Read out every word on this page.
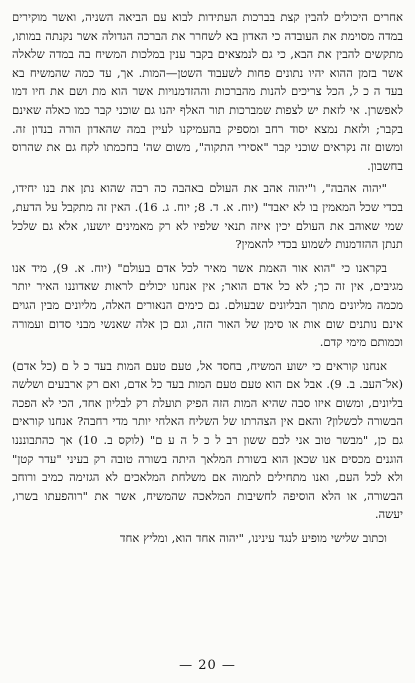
אחרים היכולים להבין קצת בברכות העתידות לבוא עם הביאה השניה, ואשר מוקירים במדה מסוימת את העובדה כי האדון בא לשחרר את הברכה הגדולה אשר נקנתה במותו, מתקשים להבין את הבא, כי גם לנמצאים בקבר ענין במלכות המשיח בה במדה שלאלה אשר בזמן ההוא יהיו נתונים פחות לשעבוד השטן—המות. אך, עד כמה שהמשיח בא בעד ה כ ל, הכל צריכים להנות מהברכות וההזדמנויות אשר הוא מת ושם את חיו דמו לאפשרן. אי לזאת יש לצפות שמברכות תור האלף יהנו גם שוכני קבר כמו כאלה שאינם בקבר; ולזאת נמצא יסוד רחב ומספיק בהעמיקנו לעיין במה שהאדון הורה בנדון זה. ומשום זה נקראים שוכני קבר "אסירי התקוה", משום שה' בחכמתו לקח גם את שהרוס בחשבון.

"יהוה אהבה", ו"יהוה אהב את העולם באהבה כה רבה שהוא נתן את בנו יחידו, בכדי שכל המאמין בו לא יאבד" (יוח. א. ד. 8; יוח. ג. 16). האין זה מתקבל על הדעת, שמי שאוהב את העולם יכין איזה תנאי שלפיו לא רק מאמינים יושעו, אלא גם שלכל תנתן ההזדמנות לשמוע בכדי להאמין?

בקראנו כי "הוא אור האמת אשר מאיר לכל אדם בעולם" (יוח. א. 9), מיד אנו מגיבים, אין זה כך; לא כל אדם הואר; אין אנחנו יכולים לראות שאדוננו האיר יותר מכמה מליונים מתוך הבליונים שבעולם. גם כימים הנאורים האלה, מליונים מבין הגוים אינם נותנים שום אות או סימן של האור הזה, וגם כן אלה שאנשי מבני סדום ועמורה וכמותם מימי קדם.

אנחנו קוראים כי ישוע המשיח, בחסד אל, טעם טעם המות בעד כ ל ם (כל אדם) (אל־העב. ב. 9). אבל אם הוא טעם טעם המות בעד כל אדם, ואם רק ארבעים ושלשה בליונים, ומשום איזו סבה שהיא המות הזה הפיק תועלת רק לבליון אחד, הכי לא הפכה הבשורה לכשלון? והאם אין הצהרתו של השליח האלחי יותר מדי רחבה? אנחנו קוראים גם כן, "מבשר טוב אני לכם ששון רב ל כ ל ה ע ם" (לוקס ב. 10) אך כהתבונננו הוגנים מכסים אנו שכאן הוא בשורת המלאך היתה בשורה טובה רק בעיני "עדר קטן" ולא לכל העם, ואנו מתחילים לתמוה אם משלחת המלאכים לא הגזימה כמיב ורוחב הבשורה, או הלא הוסיפה לחשיבות המלאכה שהמשיח, אשר את "רוהפעתו בשרו, יעשה.

וכתוב שלישי מופיע לנגד עינינו, "יהוה אחד הוא, ומליץ אחד

— 20 —
